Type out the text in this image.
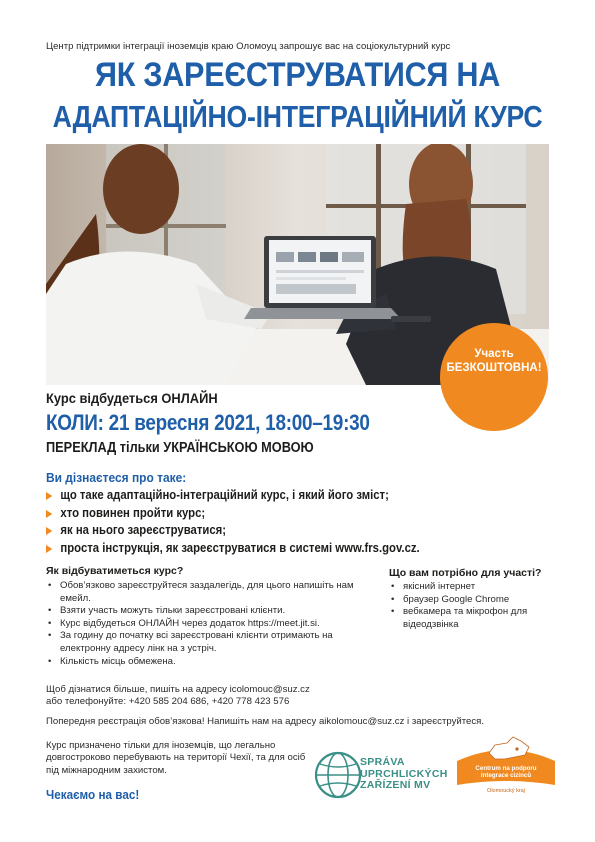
Центр підтримки інтеграції іноземців краю Оломоуц запрошує вас на соціокультурний курс
ЯК ЗАРЕЄСТРУВАТИСЯ НА
АДАПТАЦІЙНО-ІНТЕГРАЦІЙНИЙ КУРС
Участь
БЕЗКОШТОВНА!
Курс відбудеться ОНЛАЙН
КОЛИ: 21 вересня 2021, 18:00–19:30
ПЕРЕКЛАД тільки УКРАЇНСЬКОЮ МОВОЮ
Ви дізнаєтеся про таке:
що таке адаптаційно-інтеграційний курс, і який його зміст;
хто повинен пройти курс;
як на нього зареєструватися;
проста інструкція, як зареєструватися в системі www.frs.gov.cz.
Як відбуватиметься курс?
• Обов’язково зареєструйтеся заздалегідь, для цього напишіть нам емейл.
• Взяти участь можуть тільки зареєстровані клієнти.
• Курс відбудеться ОНЛАЙН через додаток https://meet.jit.si.
• За годину до початку всі зареєстровані клієнти отримають на електронну адресу лінк на з устріч.
• Кількість місць обмежена.
Що вам потрібно для участі?
• якісний інтернет
• браузер Google Chrome
• вебкамера та мікрофон для відеодзвінка
Щоб дізнатися більше, пишіть на адресу icolomouc@suz.cz
або телефонуйте: +420 585 204 686, +420 778 423 576
Попередня реєстрація обов’язкова! Напишіть нам на адресу aikolomouc@suz.cz і зареєструйтеся.
Курс призначено тільки для іноземців, що легально довгостроково перебувають на території Чехії, та для осіб під міжнародним захистом.
Чекаємо на вас!
SPRÁVA
UPRCHLICKÝCH
ZAŘÍZENÍ MV
Centrum na podporu
integrace cizinců
Olomoucký kraj
